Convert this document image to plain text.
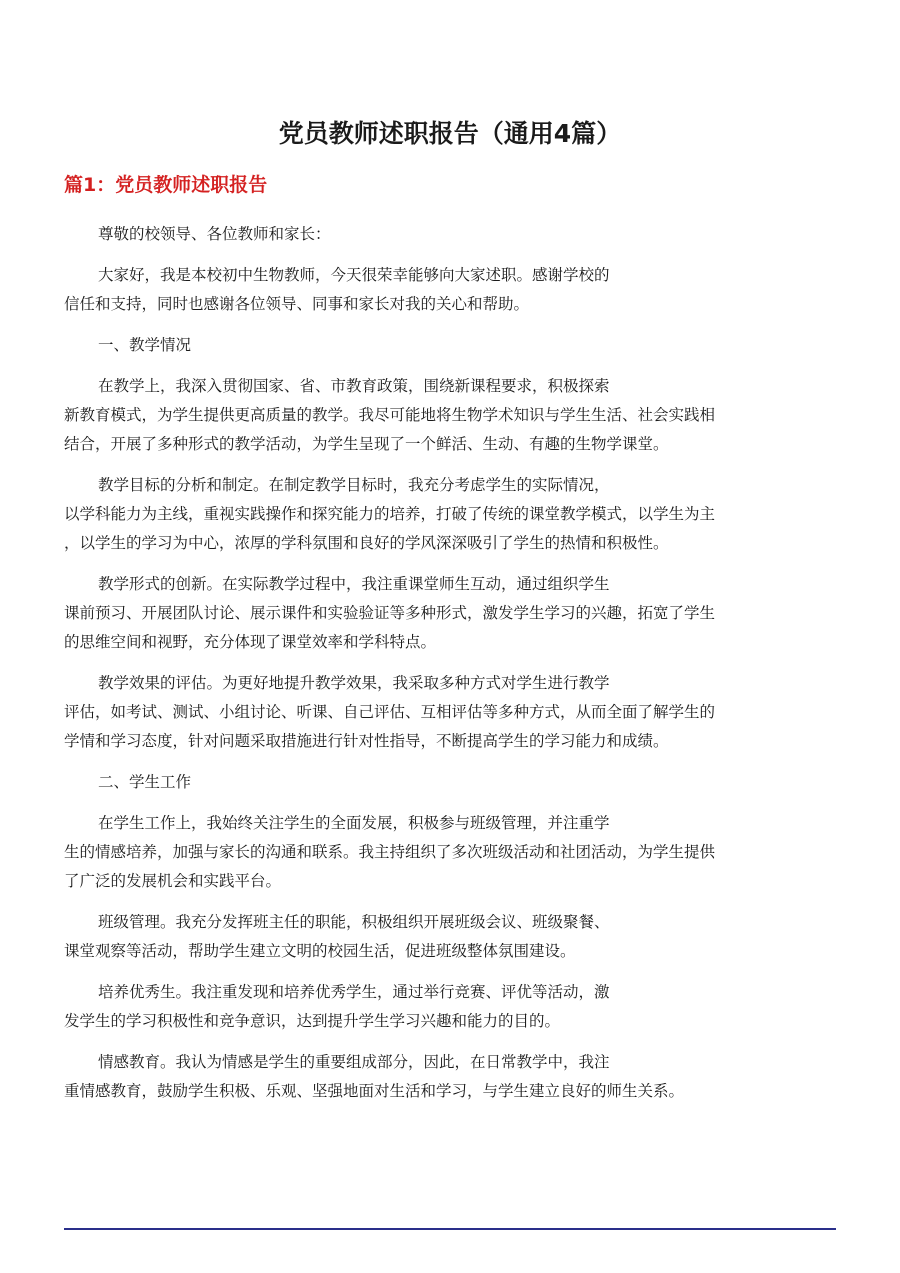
党员教师述职报告（通用4篇）
篇1：党员教师述职报告
尊敬的校领导、各位教师和家长：
大家好，我是本校初中生物教师，今天很荣幸能够向大家述职。感谢学校的
信任和支持，同时也感谢各位领导、同事和家长对我的关心和帮助。
一、教学情况
在教学上，我深入贯彻国家、省、市教育政策，围绕新课程要求，积极探索
新教育模式，为学生提供更高质量的教学。我尽可能地将生物学术知识与学生生活、社会实践相
结合，开展了多种形式的教学活动，为学生呈现了一个鲜活、生动、有趣的生物学课堂。
教学目标的分析和制定。在制定教学目标时，我充分考虑学生的实际情况，
以学科能力为主线，重视实践操作和探究能力的培养，打破了传统的课堂教学模式，以学生为主
，以学生的学习为中心，浓厚的学科氛围和良好的学风深深吸引了学生的热情和积极性。
教学形式的创新。在实际教学过程中，我注重课堂师生互动，通过组织学生
课前预习、开展团队讨论、展示课件和实验验证等多种形式，激发学生学习的兴趣，拓宽了学生
的思维空间和视野，充分体现了课堂效率和学科特点。
教学效果的评估。为更好地提升教学效果，我采取多种方式对学生进行教学
评估，如考试、测试、小组讨论、听课、自己评估、互相评估等多种方式，从而全面了解学生的
学情和学习态度，针对问题采取措施进行针对性指导，不断提高学生的学习能力和成绩。
二、学生工作
在学生工作上，我始终关注学生的全面发展，积极参与班级管理，并注重学
生的情感培养，加强与家长的沟通和联系。我主持组织了多次班级活动和社团活动，为学生提供
了广泛的发展机会和实践平台。
班级管理。我充分发挥班主任的职能，积极组织开展班级会议、班级聚餐、
课堂观察等活动，帮助学生建立文明的校园生活，促进班级整体氛围建设。
培养优秀生。我注重发现和培养优秀学生，通过举行竞赛、评优等活动，激
发学生的学习积极性和竞争意识，达到提升学生学习兴趣和能力的目的。
情感教育。我认为情感是学生的重要组成部分，因此，在日常教学中，我注
重情感教育，鼓励学生积极、乐观、坚强地面对生活和学习，与学生建立良好的师生关系。
